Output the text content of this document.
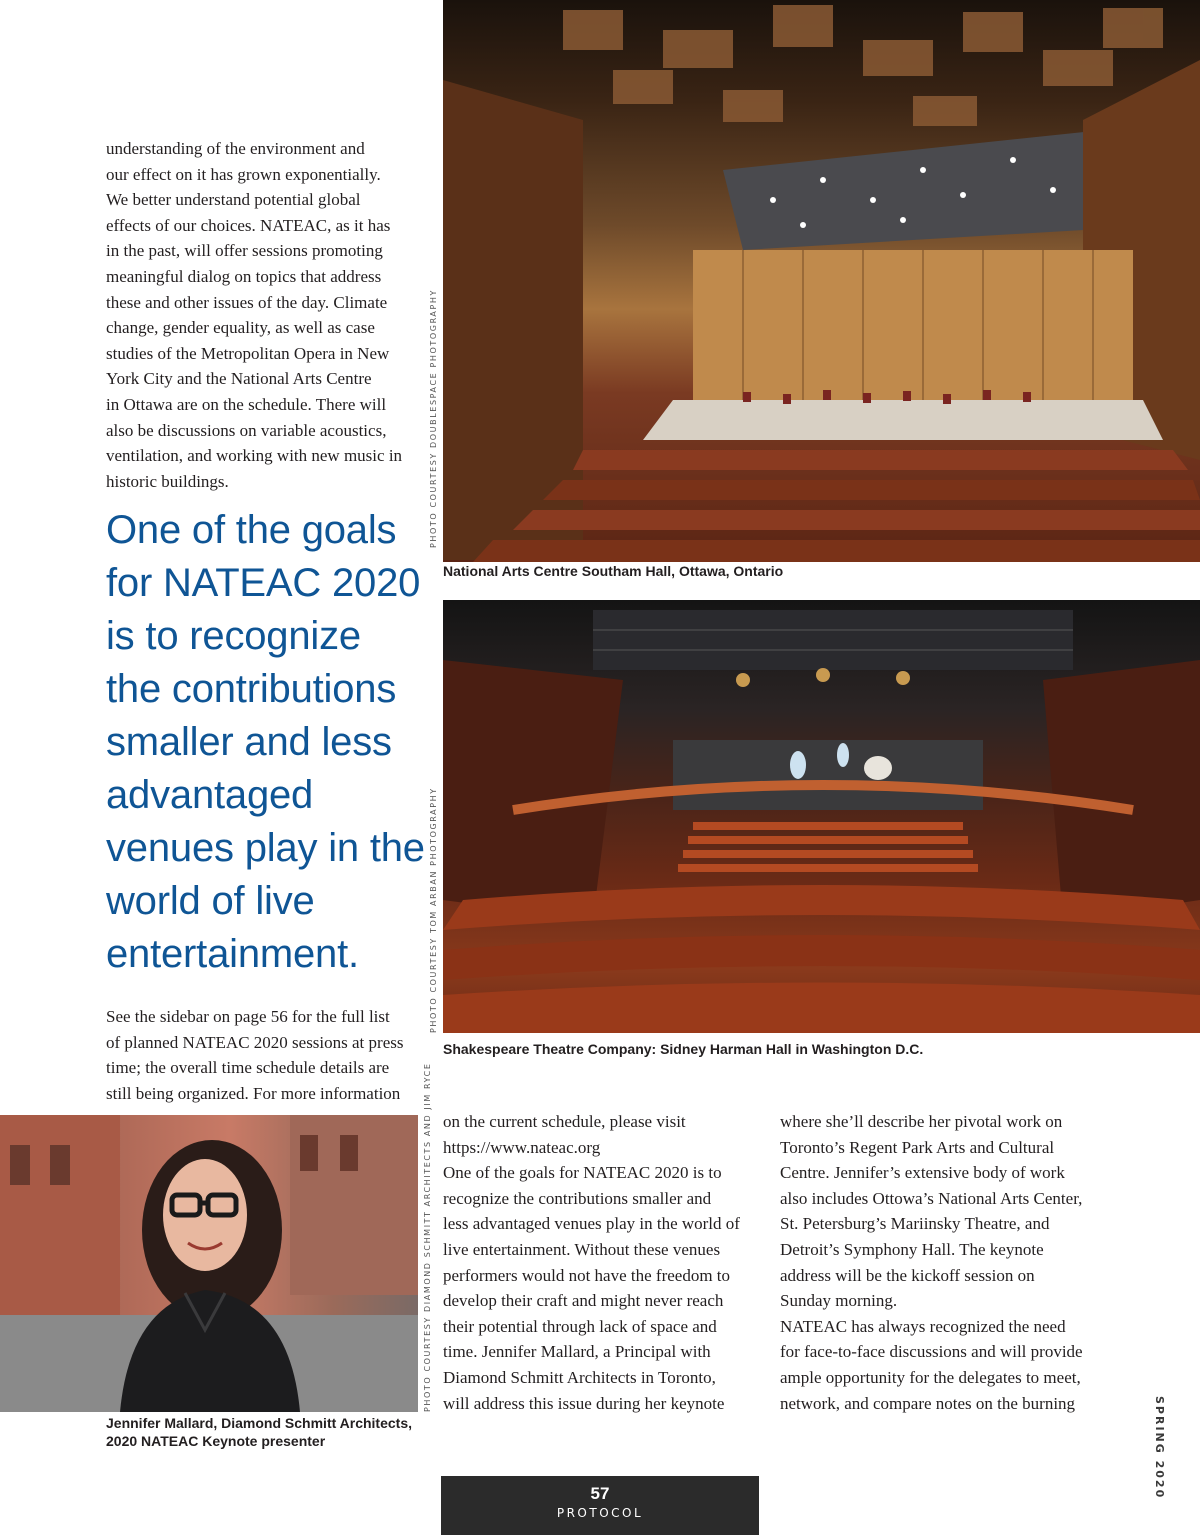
understanding of the environment and
our effect on it has grown exponentially.
We better understand potential global
effects of our choices. NATEAC, as it has
in the past, will offer sessions promoting
meaningful dialog on topics that address
these and other issues of the day. Climate
change, gender equality, as well as case
studies of the Metropolitan Opera in New
York City and the National Arts Centre
in Ottawa are on the schedule. There will
also be discussions on variable acoustics,
ventilation, and working with new music in
historic buildings.
One of the goals
for NATEAC 2020
is to recognize
the contributions
smaller and less
advantaged
venues play in the
world of live
entertainment.
See the sidebar on page 56 for the full list
of planned NATEAC 2020 sessions at press
time; the overall time schedule details are
still being organized. For more information
PHOTO COURTESY DOUBLESPACE PHOTOGRAPHY
National Arts Centre Southam Hall, Ottawa, Ontario
PHOTO COURTESY TOM ARBAN PHOTOGRAPHY
Shakespeare Theatre Company: Sidney Harman Hall in Washington D.C.
PHOTO COURTESY DIAMOND SCHMITT ARCHITECTS AND JIM RYCE
Jennifer Mallard, Diamond Schmitt Architects,
2020 NATEAC Keynote presenter
on the current schedule, please visit
https://www.nateac.org
One of the goals for NATEAC 2020 is to
recognize the contributions smaller and
less advantaged venues play in the world of
live entertainment. Without these venues
performers would not have the freedom to
develop their craft and might never reach
their potential through lack of space and
time. Jennifer Mallard, a Principal with
Diamond Schmitt Architects in Toronto,
will address this issue during her keynote
where she’ll describe her pivotal work on
Toronto’s Regent Park Arts and Cultural
Centre. Jennifer’s extensive body of work
also includes Ottowa’s National Arts Center,
St. Petersburg’s Mariinsky Theatre, and
Detroit’s Symphony Hall. The keynote
address will be the kickoff session on
Sunday morning.
NATEAC has always recognized the need
for face-to-face discussions and will provide
ample opportunity for the delegates to meet,
network, and compare notes on the burning
57
PROTOCOL
SPRING 2020
